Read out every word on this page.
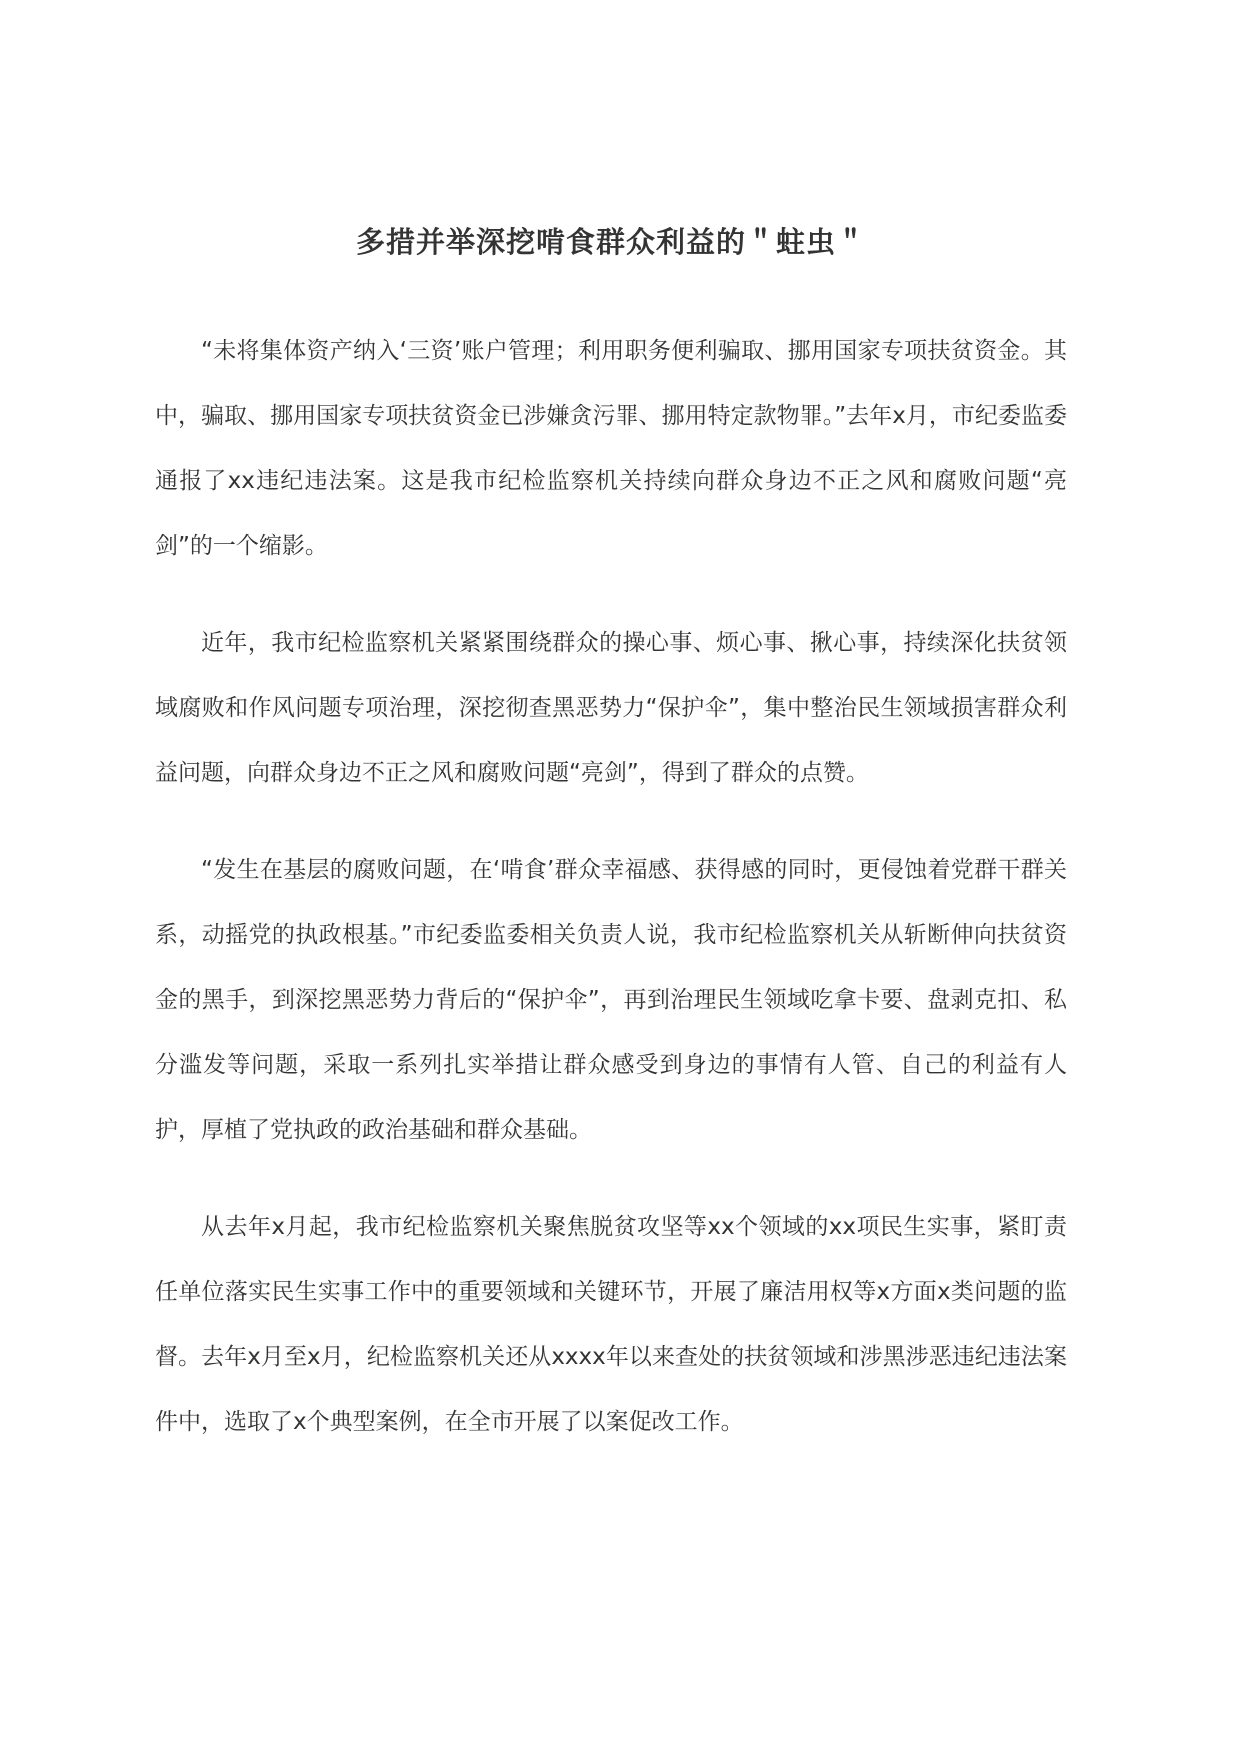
多措并举深挖啃食群众利益的＂蛀虫＂

“未将集体资产纳入‘三资’账户管理；利用职务便利骗取、挪用国家专项扶贫资金。其中，骗取、挪用国家专项扶贫资金已涉嫌贪污罪、挪用特定款物罪。”去年x月，市纪委监委通报了xx违纪违法案。这是我市纪检监察机关持续向群众身边不正之风和腐败问题“亮剑”的一个缩影。

近年，我市纪检监察机关紧紧围绕群众的操心事、烦心事、揪心事，持续深化扶贫领域腐败和作风问题专项治理，深挖彻查黑恶势力“保护伞”，集中整治民生领域损害群众利益问题，向群众身边不正之风和腐败问题“亮剑”，得到了群众的点赞。

“发生在基层的腐败问题，在‘啃食’群众幸福感、获得感的同时，更侵蚀着党群干群关系，动摇党的执政根基。”市纪委监委相关负责人说，我市纪检监察机关从斩断伸向扶贫资金的黑手，到深挖黑恶势力背后的“保护伞”，再到治理民生领域吃拿卡要、盘剥克扣、私分滥发等问题，采取一系列扎实举措让群众感受到身边的事情有人管、自己的利益有人护，厚植了党执政的政治基础和群众基础。

从去年x月起，我市纪检监察机关聚焦脱贫攻坚等xx个领域的xx项民生实事，紧盯责任单位落实民生实事工作中的重要领域和关键环节，开展了廉洁用权等x方面x类问题的监督。去年x月至x月，纪检监察机关还从xxxx年以来查处的扶贫领域和涉黑涉恶违纪违法案件中，选取了x个典型案例，在全市开展了以案促改工作。
